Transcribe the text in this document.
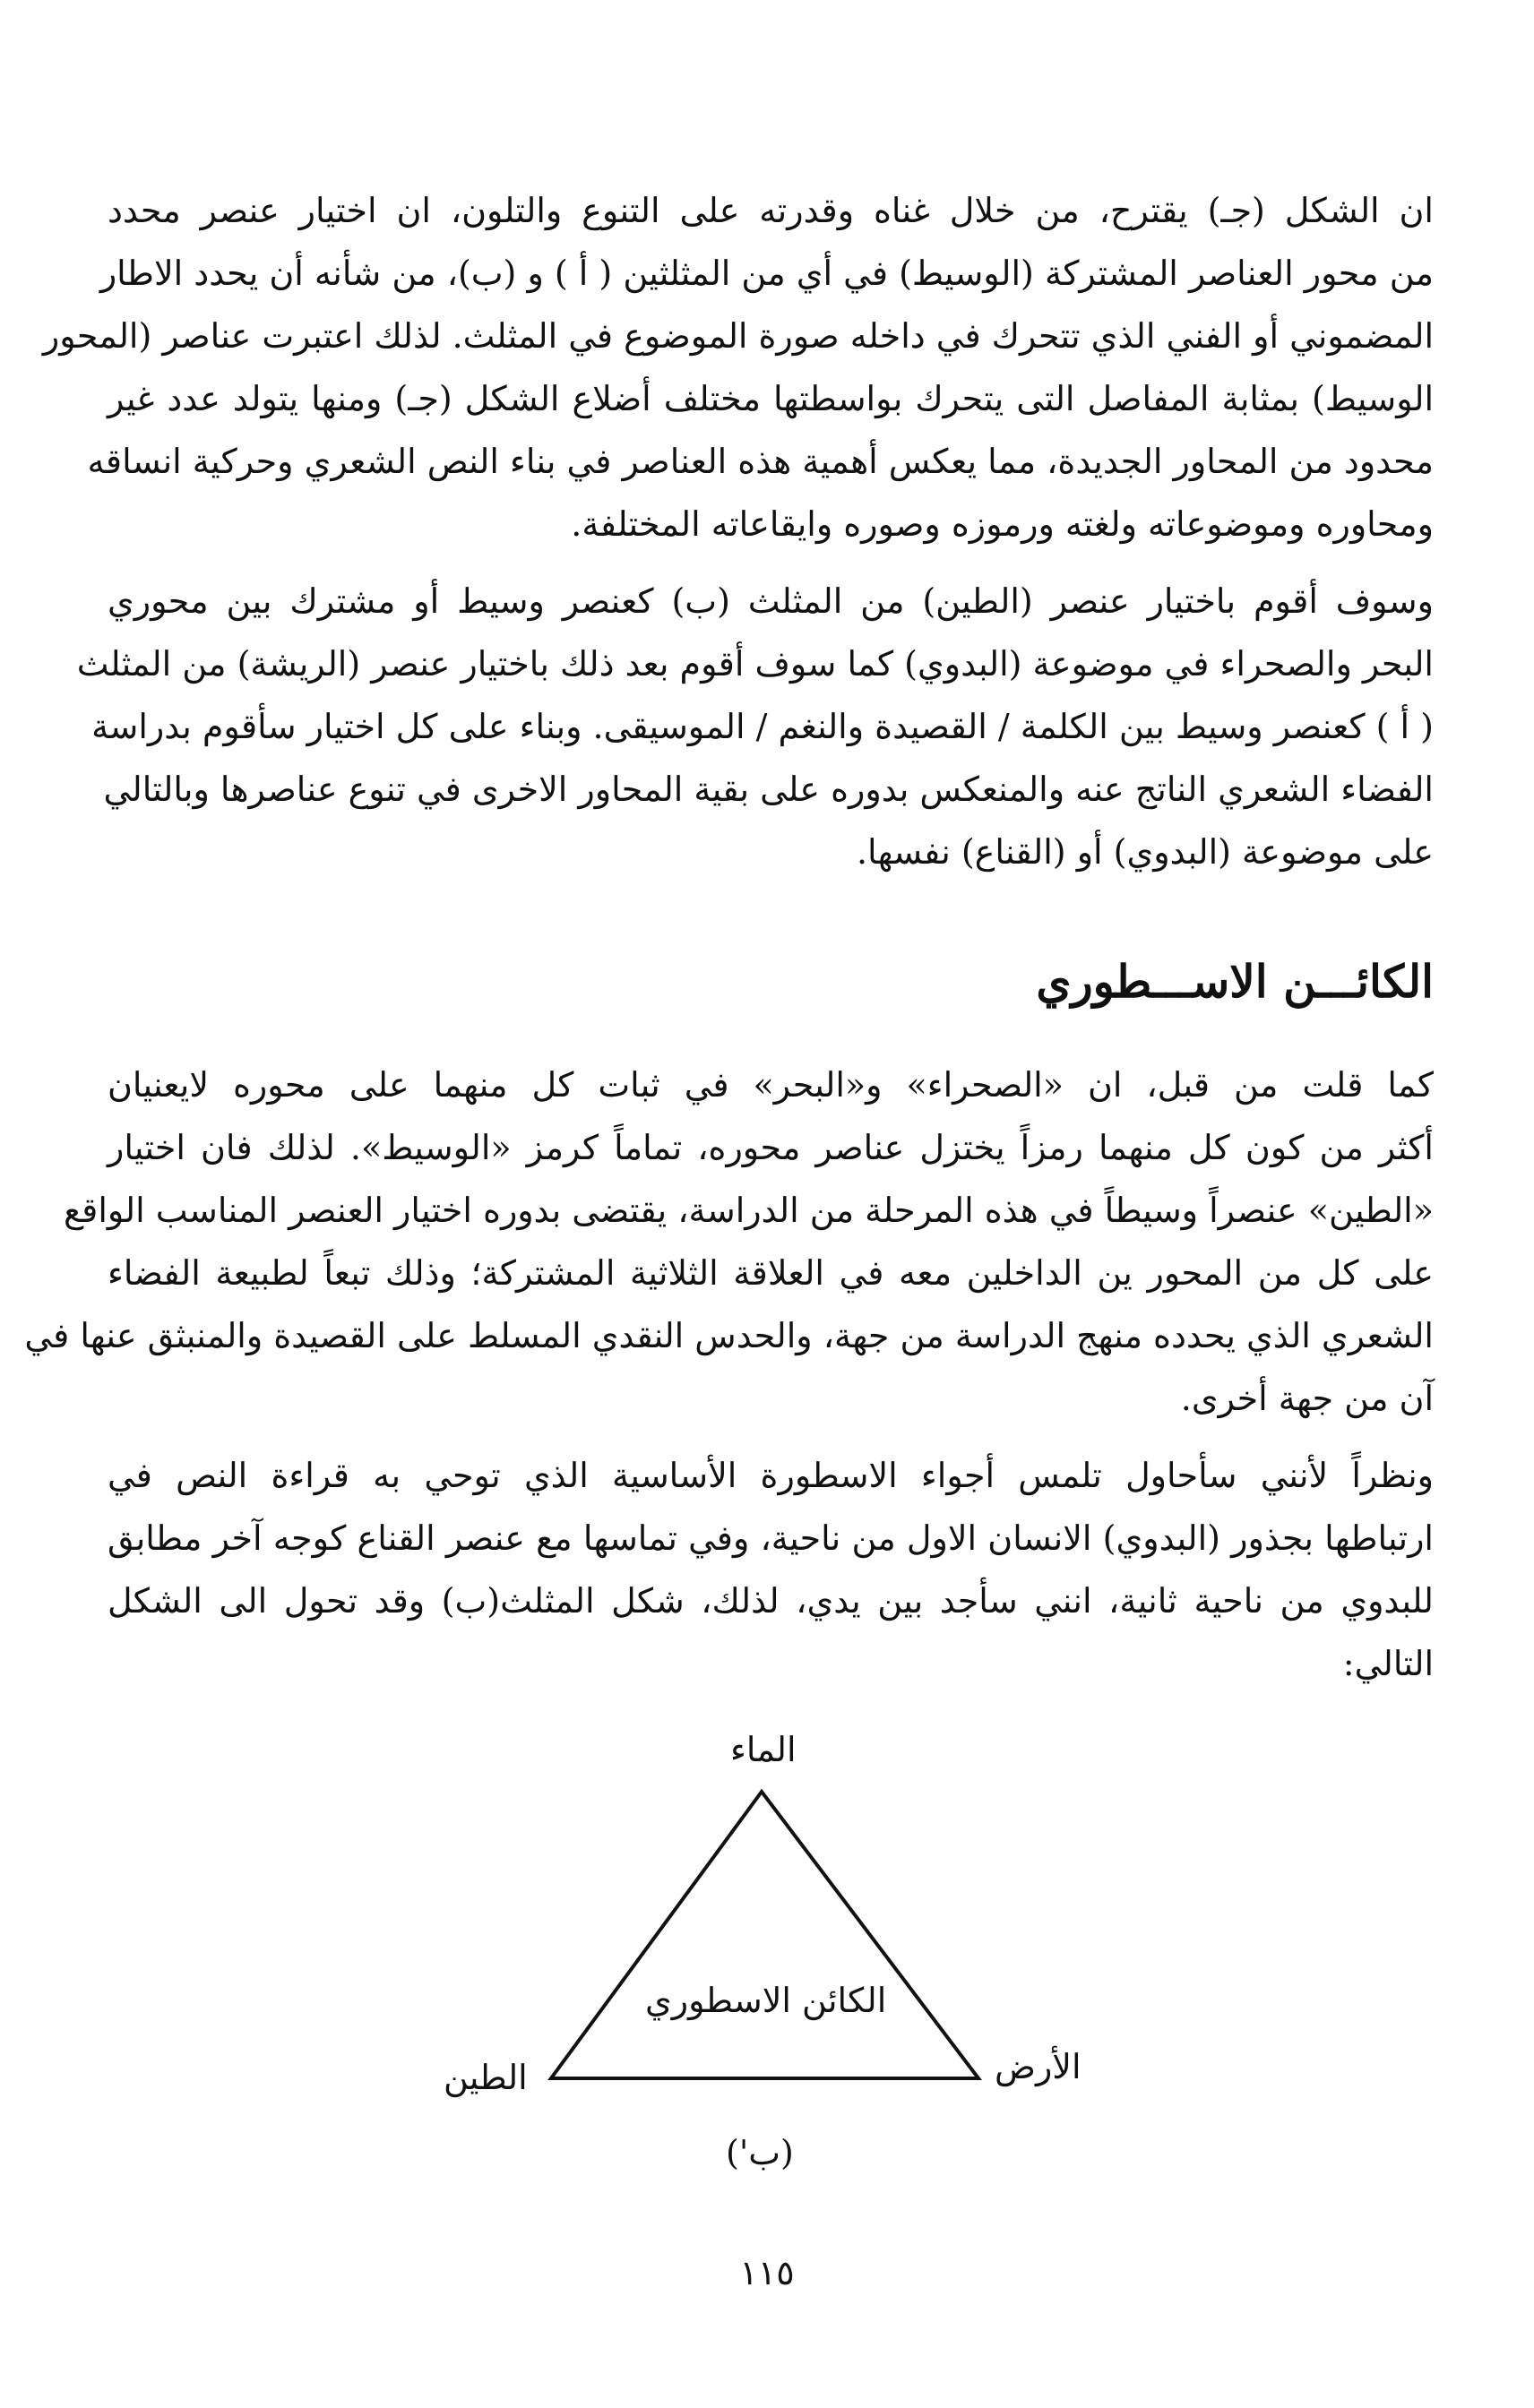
ان الشكل (جـ) يقترح، من خلال غناه وقدرته على التنوع والتلون، ان اختيار عنصر محدد
من محور العناصر المشتركة (الوسيط) في أي من المثلثين ( أ ) و (ب)، من شأنه أن يحدد الاطار
المضموني أو الفني الذي تتحرك في داخله صورة الموضوع في المثلث. لذلك اعتبرت عناصر (المحور
الوسيط) بمثابة المفاصل التى يتحرك بواسطتها مختلف أضلاع الشكل (جـ) ومنها يتولد عدد غير
محدود من المحاور الجديدة، مما يعكس أهمية هذه العناصر في بناء النص الشعري وحركية انساقه
ومحاوره وموضوعاته ولغته ورموزه وصوره وايقاعاته المختلفة.

وسوف أقوم باختيار عنصر (الطين) من المثلث (ب) كعنصر وسيط أو مشترك بين محوري
البحر والصحراء في موضوعة (البدوي) كما سوف أقوم بعد ذلك باختيار عنصر (الريشة) من المثلث
( أ ) كعنصر وسيط بين الكلمة / القصيدة والنغم / الموسيقى. وبناء على كل اختيار سأقوم بدراسة
الفضاء الشعري الناتج عنه والمنعكس بدوره على بقية المحاور الاخرى في تنوع عناصرها وبالتالي
على موضوعة (البدوي) أو (القناع) نفسها.

الكائـــن الاســـطوري

كما قلت من قبل، ان «الصحراء» و«البحر» في ثبات كل منهما على محوره لايعنيان
أكثر من كون كل منهما رمزاً يختزل عناصر محوره، تماماً كرمز «الوسيط». لذلك فان اختيار
«الطين» عنصراً وسيطاً في هذه المرحلة من الدراسة، يقتضى بدوره اختيار العنصر المناسب الواقع
على كل من المحور ين الداخلين معه في العلاقة الثلاثية المشتركة؛ وذلك تبعاً لطبيعة الفضاء
الشعري الذي يحدده منهج الدراسة من جهة، والحدس النقدي المسلط على القصيدة والمنبثق عنها في
آن من جهة أخرى.

ونظراً لأنني سأحاول تلمس أجواء الاسطورة الأساسية الذي توحي به قراءة النص في
ارتباطها بجذور (البدوي) الانسان الاول من ناحية، وفي تماسها مع عنصر القناع كوجه آخر مطابق
للبدوي من ناحية ثانية، انني سأجد بين يدي، لذلك، شكل المثلث(ب) وقد تحول الى الشكل
التالي:

الماء
الكائن الاسطوري
الطين	الأرض
(ب')
١١٥
